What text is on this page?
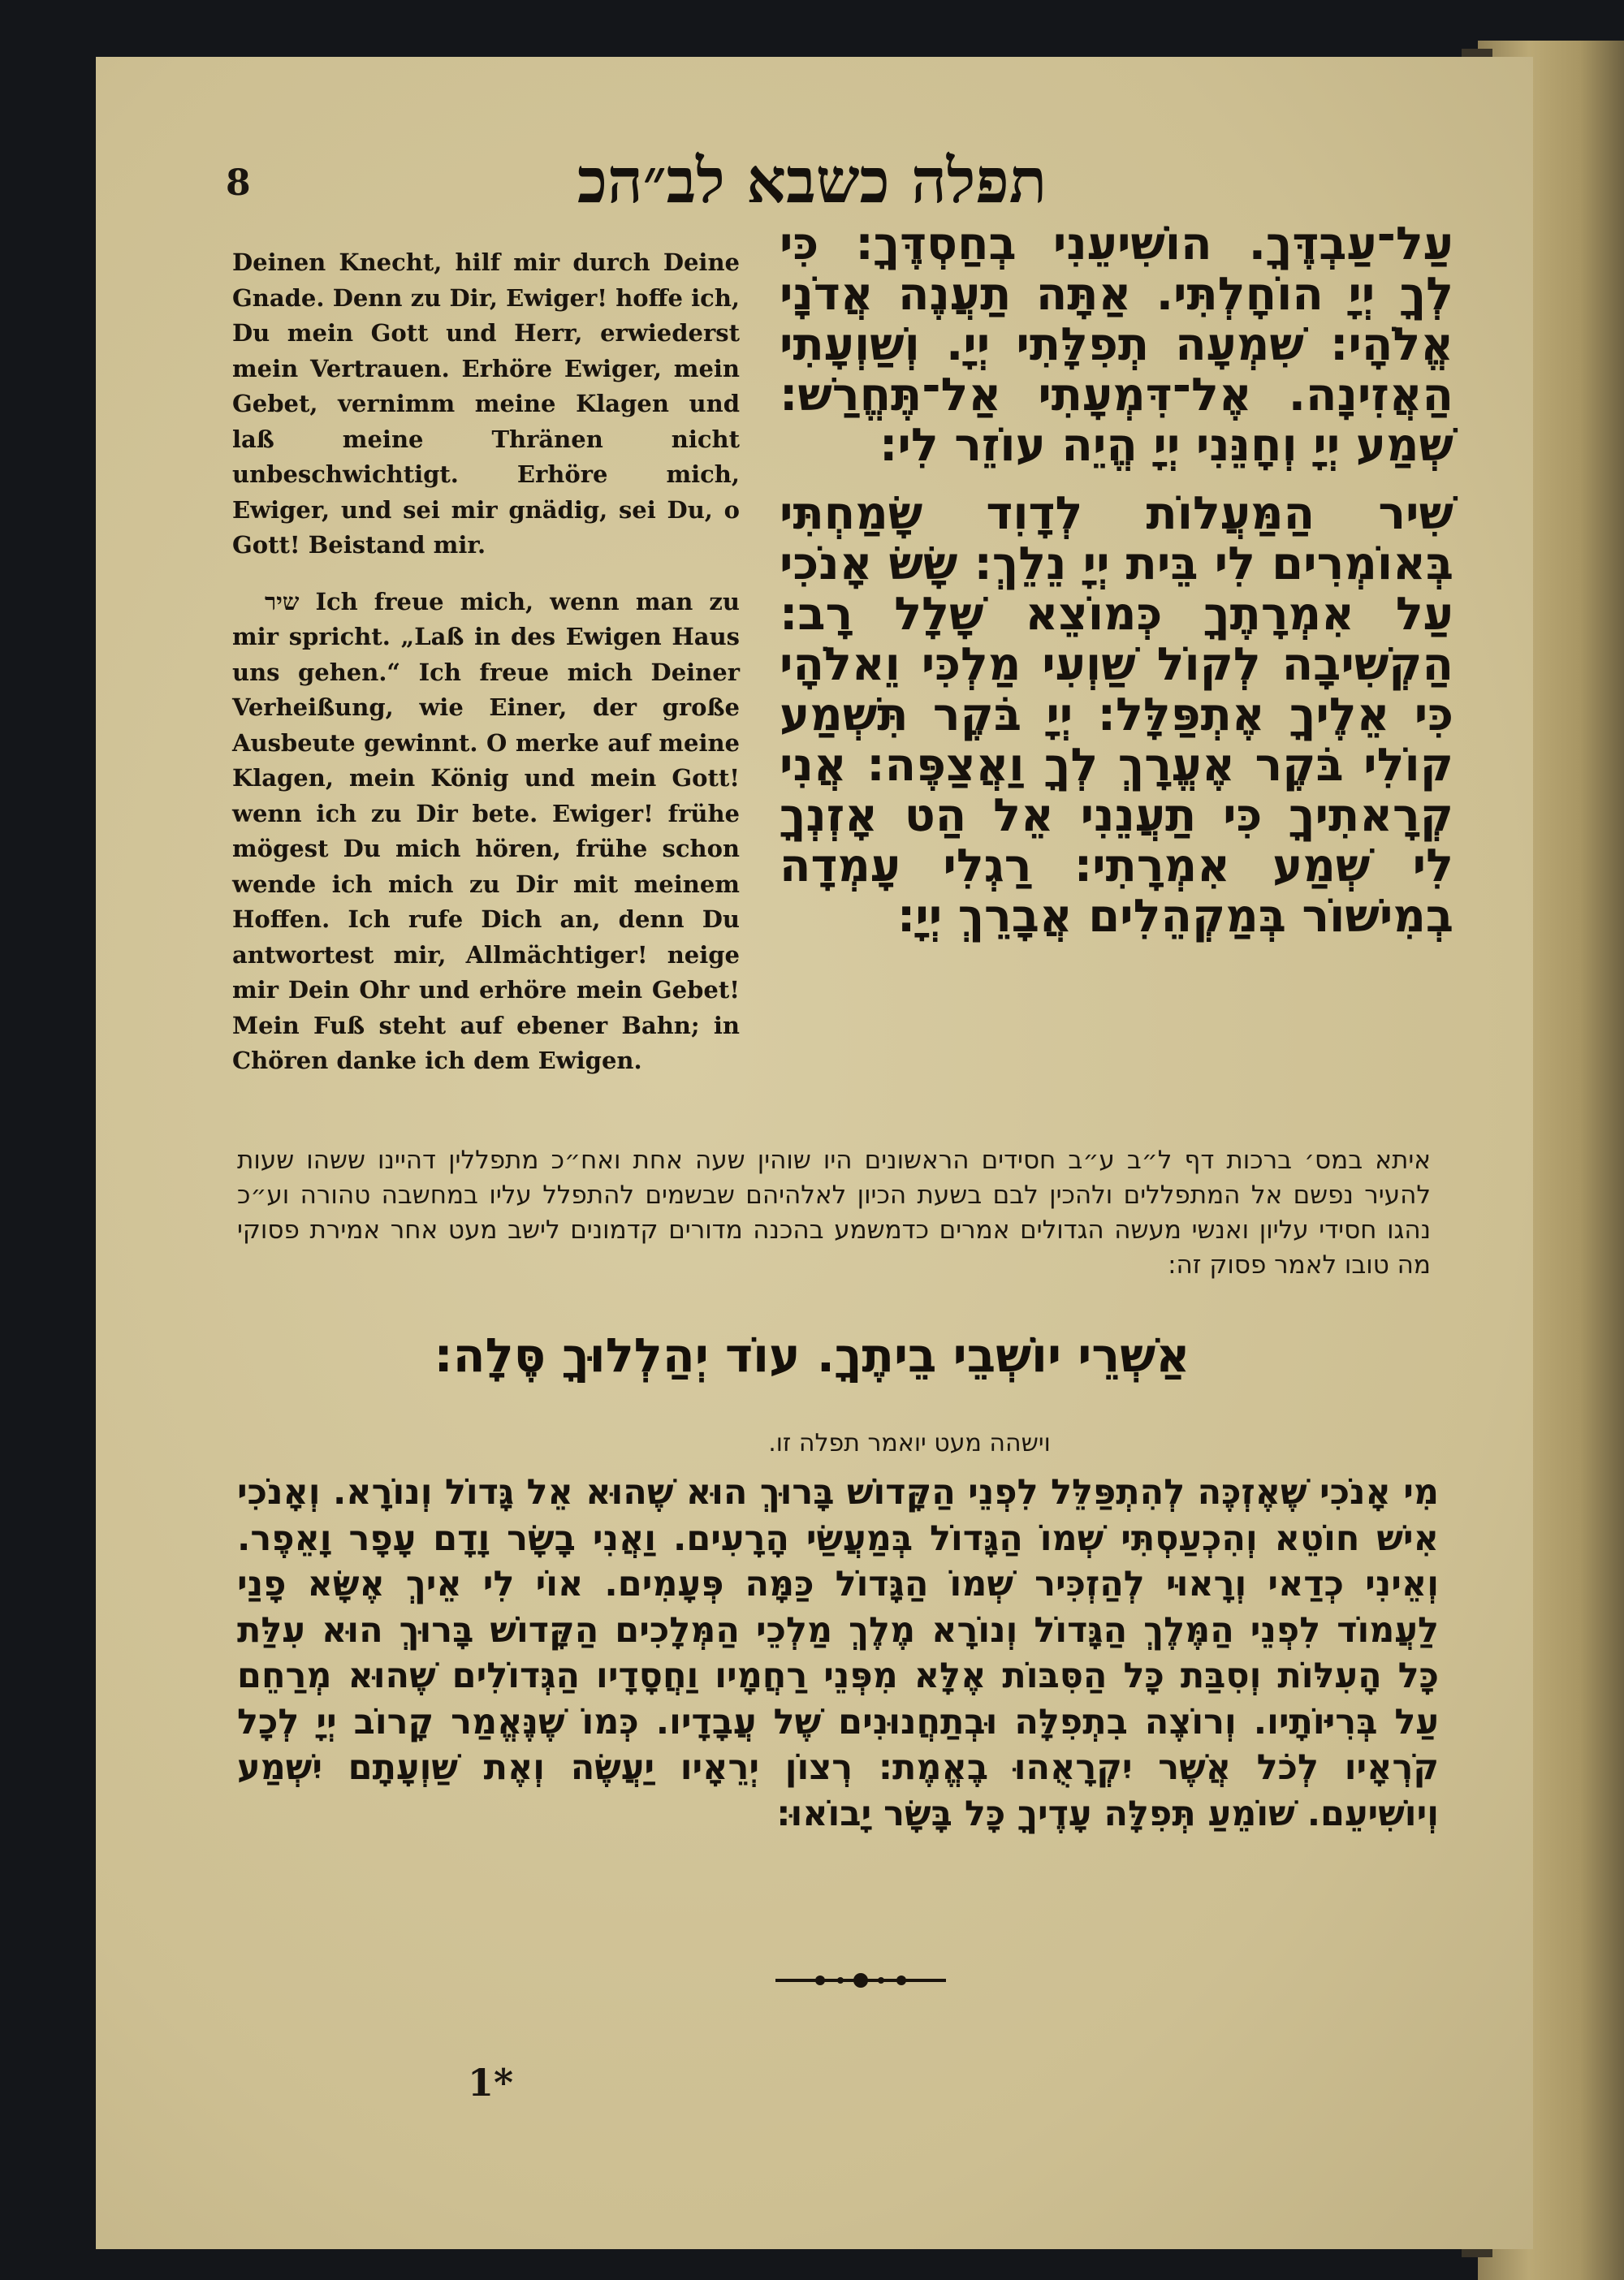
8	תפלה כשבא לב״הכ

עַל־עַבְדֶּךָ. הוֹשִׁיעֵנִי בְחַסְדֶּךָ: כִּי לְךָ יְיָ הוֹחָלְתִּי. אַתָּה תַעֲנֶה אֲדֹנָי אֱלֹהָי: שִׁמְעָה תְפִלָּתִי יְיָ. וְשַׁוְעָתִי הַאֲזִינָה. אֶל־דִּמְעָתִי אַל־תֶּחֱרַשׁ: שְׁמַע יְיָ וְחָנֵּנִי יְיָ הֱיֵה עוֹזֵר לִי:

שִׁיר הַמַּעֲלוֹת לְדָוִד שָׂמַחְתִּי בְּאוֹמְרִים לִי בֵּית יְיָ נֵלֵךְ: שָׂשׂ אָנֹכִי עַל אִמְרָתֶךָ כְּמוֹצֵא שָׁלָל רָב: הַקְשִׁיבָה לְקוֹל שַׁוְעִי מַלְכִּי וֵאלֹהָי כִּי אֵלֶיךָ אֶתְפַּלָּל: יְיָ בֹּקֶר תִּשְׁמַע קוֹלִי בֹּקֶר אֶעֱרָךְ לְךָ וַאֲצַפֶּה: אֲנִי קְרָאתִיךָ כִּי תַעֲנֵנִי אֵל הַט אָזְנְךָ לִי שְׁמַע אִמְרָתִי: רַגְלִי עָמְדָה בְמִישׁוֹר בְּמַקְהֵלִים אֲבָרֵךְ יְיָ:

Deinen Knecht, hilf mir durch Deine Gnade. Denn zu Dir, Ewiger! hoffe ich, Du mein Gott und Herr, erwiederst mein Vertrauen. Erhöre Ewiger, mein Gebet, vernimm meine Klagen und laß meine Thränen nicht unbeschwichtigt. Erhöre mich, Ewiger, und sei mir gnädig, sei Du, o Gott! Beistand mir.

שיר Ich freue mich, wenn man zu mir spricht. „Laß in des Ewigen Haus uns gehen.“ Ich freue mich Deiner Verheißung, wie Einer, der große Ausbeute gewinnt. O merke auf meine Klagen, mein König und mein Gott! wenn ich zu Dir bete. Ewiger! frühe mögest Du mich hören, frühe schon wende ich mich zu Dir mit meinem Hoffen. Ich rufe Dich an, denn Du antwortest mir, Allmächtiger! neige mir Dein Ohr und erhöre mein Gebet! Mein Fuß steht auf ebener Bahn; in Chören danke ich dem Ewigen.

איתא במס׳ ברכות דף ל״ב ע״ב חסידים הראשונים היו שוהין שעה אחת ואח״כ מתפללין דהיינו ששהו שעות להעיר נפשם אל המתפללים ולהכין לבם בשעת הכיון לאלהיהם שבשמים להתפלל עליו במחשבה טהורה וע״כ נהגו חסידי עליון ואנשי מעשה הגדולים אמרים כדמשמע בהכנה מדורים קדמונים לישב מעט אחר אמירת פסוקי מה טובו לאמר פסוק זה:
אַשְׁרֵי יוֹשְׁבֵי בֵיתֶךָ. עוֹד יְהַלְלוּךָ סֶּלָה:
וישהה מעט יואמר תפלה זו.
מִי אָנֹכִי שֶׁאֶזְכֶּה לְהִתְפַּלֵּל לִפְנֵי הַקָּדוֹשׁ בָּרוּךְ הוּא שֶׁהוּא אֵל גָּדוֹל וְנוֹרָא. וְאָנֹכִי אִישׁ חוֹטֵא וְהִכְעַסְתִּי שְׁמוֹ הַגָּדוֹל בְּמַעֲשַׂי הָרָעִים. וַאֲנִי בָשָׂר וָדָם עָפָר וָאֵפֶר. וְאֵינִי כְדַאי וְרָאוּי לְהַזְכִּיר שְׁמוֹ הַגָּדוֹל כַּמָּה פְּעָמִים. אוֹי לִי אֵיךְ אֶשָּׂא פָנַי לַעֲמוֹד לִפְנֵי הַמֶּלֶךְ הַגָּדוֹל וְנוֹרָא מֶלֶךְ מַלְכֵי הַמְּלָכִים הַקָּדוֹשׁ בָּרוּךְ הוּא עִלַּת כָּל הָעִלּוֹת וְסִבַּת כָּל הַסִּבּוֹת אֶלָּא מִפְּנֵי רַחֲמָיו וַחֲסָדָיו הַגְּדוֹלִים שֶׁהוּא מְרַחֵם עַל בְּרִיּוֹתָיו. וְרוֹצֶה בִתְפִלָּה וּבְתַחֲנוּנִים שֶׁל עֲבָדָיו. כְּמוֹ שֶׁנֶּאֱמַר קָרוֹב יְיָ לְכָל קֹרְאָיו לְכֹל אֲשֶׁר יִקְרָאֻהוּ בֶאֱמֶת: רְצוֹן יְרֵאָיו יַעֲשֶׂה וְאֶת שַׁוְעָתָם יִשְׁמַע וְיוֹשִׁיעֵם. שׁוֹמֵעַ תְּפִלָּה עָדֶיךָ כָּל בָּשָׂר יָבוֹאוּ:
1*
